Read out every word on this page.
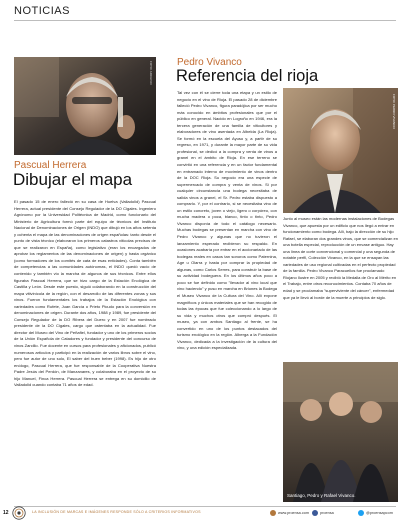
NOTICIAS
FOTO: ARCHIVO
Pascual Herrera
Dibujar el mapa
El pasado 15 de enero falleció en su casa de Huelva (Valladolid) Pascual Herrera, actual presidente del Consejo Regulador de la DO Cigales. Ingeniero Agrónomo por la Universidad Politécnica de Madrid, como funcionario del Ministerio de Agricultura formó parte del equipo de técnicos del Instituto Nacional de Denominaciones de Origen (INDO) que dibujó en los años setenta y ochenta el mapa de las denominaciones de origen españolas: tanto desde el punto de vista técnico (elaboraron los primeros catastros vitícolas precisos de que se realizaron en España), como legislativo (eran los encargados de aprobar los reglamentos de las denominaciones de origen) y hasta orgánico (como formadores de los comités de cata de esas entidades). Conta también de competencias a las comunidades autónomas, el INDO quedó vacío de contenido y también vio la marcha de algunos de sus técnicos. Entre ellos figuraba Pascual Herrera, que se hizo cargo de la Estación Enológica de Castilla y León. Desde este puesto, siguió colaborando en la construcción del mapa vitivinícola de la región, con el desarrollo de las diferentes zonas y sus vinos. Fueron fundamentales los trabajos de la Estación Enológica con variedades como Rufete, Juan García o Prieto Picudo para la conversión en denominaciones de origen. Durante dos años, 1988 y 1989, fue presidente del Consejo Regulador de la DO Ribera del Duero y en 2007 fue nombrado presidente de la DO Cigales, cargo que ostentaba en la actualidad. Fue director del Museo del Vino de Peñafiel, fundador y uno de los primeros socios de la Unión Española de Catadores y fundador y presidente del concurso de vinos Zarcillo. Fue docente en cursos para profesionales y aficionados, publicó numerosos artículos y participó en la realización de varios libros sobre el vino, pero fue autor de uno solo, El saber del buen beber (1998). Es hijo de otro enólogo, Pascual Herrera, que fue responsable de la Cooperativa Nuestra Padre Jesús del Perdón, de Manzanares, y colaboraba en el proyecto de su hijo Manuel, Finca Herrera. Pascual Herrera se entrega en su domicilio de Valladolid cuando contaba 71 años de edad.
Pedro Vivanco
Referencia del rioja
Tal vez con él se cierre toda una etapa y un estilo de negocio en el vino de Rioja. El pasado 28 de diciembre falleció Pedro Vivanco, figura paradójica por ser mucho más conocido en ámbitos profesionales que por el público en general. Nacido en Logroño en 1946, era la tercera generación de una familia de viticultores y elaboradores de vino asentada en Albelda (La Rioja). Se formó en la escuela del Ayuso y, a partir de su regreso, en 1971, y durante la mayor parte de su vida profesional, se dedicó a la compra y venta de vinos a granel en el ámbito de Rioja. En ese terreno se convirtió en una referencia y en un factor fundamental en entramado interno de movimiento de vinos dentro de la DOC Rioja. Su negocio era una especie de supermercado de compra y venta de vinos. Si por cualquier circunstancia una bodega necesitaba de salida vinos a granel, el Sr. Pedro estaba dispuesto a comprarlo. Y, por el contrario, si se necesitaba vino de un estilo concreto, joven o viejo, ligero o corpóreo, con mucha madera o poca, blanco, tinto o tinto, Pedro Vivanco disponía de todo el catálogo necesario. Muchas bodegas se presentan en marcha con vino de Pedro Vivanco y algunas que no tuvieron el lanzamiento esperado recibieron su respaldo. En ocasiones acabaría por entrar en el accionariado de las bodegas reales en casos tan sonoros como Paternina, Age u Olarra y hasta por comprar la propiedad de algunas, como Carlos Serres, para construir la base de su actividad bodeguera. En los últimos años poco a poco se fue definido como "llevador al vino local que vino haciendo" y puso en marcha en Briones la Bodega el Museo Vivanco de la Cultura del Vino. Allí expone magníficos y únicos materiales que se han recogido de todas las épocas que fue coleccionando a lo largo de su vida y muchos otros que compró después. El museo, ya con ambos Santiago al frente, se ha convertido en uno de los puntos destacados del turismo enológico en la región. Alberga a la Fundación Vivanco, dedicada a la investigación de la cultura del vino, y una edición especializada.
FOTO: PEDRO VIVANCO
Junto al museo están las modernas instalaciones de Bodegas Vivanco, que apuesta por un edificio que nos llegó a entrar en funcionamiento como bodega. Allí, bajo la dirección de su hijo Rafael, se elaboran dos grandes vinos, que se comercializan en una botella especial, reproducción de un envase antiguo. Hay una línea de corte convencional y comercial y una segunda de notable perfil, Colección Vivanco, en la que se ensayan las variedades de uso regional cultivadas en el perfecto propiedad de la familia. Pedro Vivanco Paracuellos fue proclamado Riojano Ilustre en 2005 y recibió la Medalla de Oro al Mérito en el Trabajo, entre otros reconocimientos. Contaba 70 años de edad y se proclamaba "superviviente del cáncer", enfermedad que ya le llevó al borde de la muerte a principios de siglo.
Santiago, Pedro y Rafael Vivanco.
12	LA INCLUSIÓN DE MARCAS E IMÁGENES RESPONDE SÓLO A CRITERIOS INFORMATIVOS	www.proensa.com	proensa	@proensapcom
